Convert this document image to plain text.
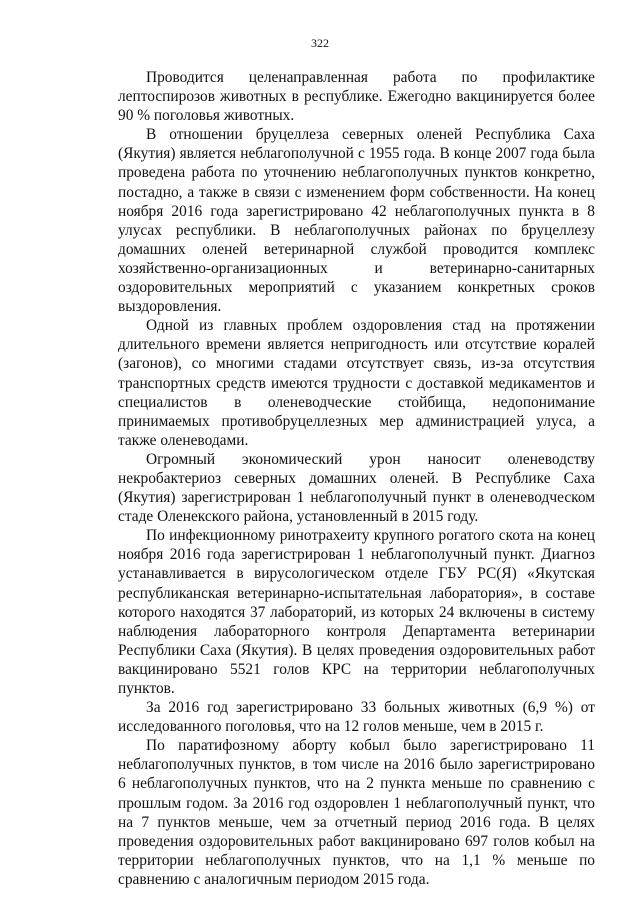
322

Проводится целенаправленная работа по профилактике лептоспирозов животных в республике. Ежегодно вакцинируется более 90 % поголовья животных.

В отношении бруцеллеза северных оленей Республика Саха (Якутия) является неблагополучной с 1955 года. В конце 2007 года была проведена работа по уточнению неблагополучных пунктов конкретно, постадно, а также в связи с изменением форм собственности. На конец ноября 2016 года зарегистрировано 42 неблагополучных пункта в 8 улусах республики. В неблагополучных районах по бруцеллезу домашних оленей ветеринарной службой проводится комплекс хозяйственно-организационных и ветеринарно-санитарных оздоровительных мероприятий с указанием конкретных сроков выздоровления.

Одной из главных проблем оздоровления стад на протяжении длительного времени является непригодность или отсутствие коралей (загонов), со многими стадами отсутствует связь, из-за отсутствия транспортных средств имеются трудности с доставкой медикаментов и специалистов в оленеводческие стойбища, недопонимание принимаемых противобруцеллезных мер администрацией улуса, а также оленеводами.

Огромный экономический урон наносит оленеводству некробактериоз северных домашних оленей. В Республике Саха (Якутия) зарегистрирован 1 неблагополучный пункт в оленеводческом стаде Оленекского района, установленный в 2015 году.

По инфекционному ринотрахеиту крупного рогатого скота на конец ноября 2016 года зарегистрирован 1 неблагополучный пункт. Диагноз устанавливается в вирусологическом отделе ГБУ РС(Я) «Якутская республиканская ветеринарно-испытательная лаборатория», в составе которого находятся 37 лабораторий, из которых 24 включены в систему наблюдения лабораторного контроля Департамента ветеринарии Республики Саха (Якутия). В целях проведения оздоровительных работ вакцинировано 5521 голов КРС на территории неблагополучных пунктов.

За 2016 год зарегистрировано 33 больных животных (6,9 %) от исследованного поголовья, что на 12 голов меньше, чем в 2015 г.

По паратифозному аборту кобыл было зарегистрировано 11 неблагополучных пунктов, в том числе на 2016 было зарегистрировано 6 неблагополучных пунктов, что на 2 пункта меньше по сравнению с прошлым годом. За 2016 год оздоровлен 1 неблагополучный пункт, что на 7 пунктов меньше, чем за отчетный период 2016 года. В целях проведения оздоровительных работ вакцинировано 697 голов кобыл на территории неблагополучных пунктов, что на 1,1 % меньше по сравнению с аналогичным периодом 2015 года.
